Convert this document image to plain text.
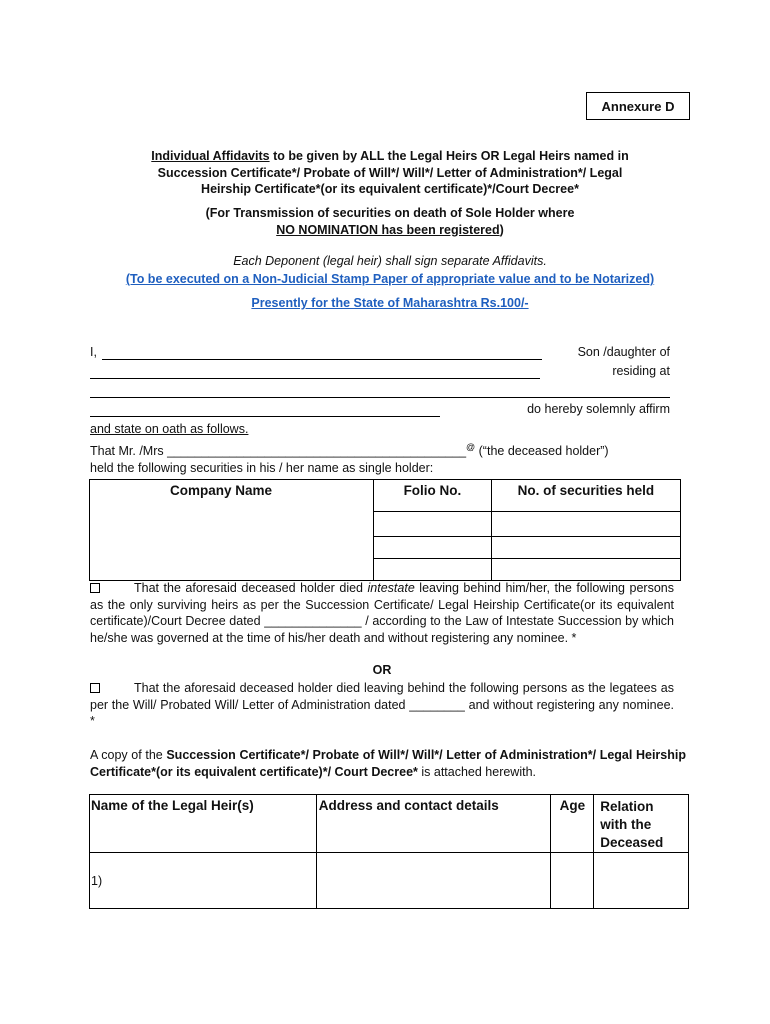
Annexure D
Individual Affidavits to be given by ALL the Legal Heirs OR Legal Heirs named in
Succession Certificate*/ Probate of Will*/ Will*/ Letter of Administration*/ Legal
Heirship Certificate*(or its equivalent certificate)*/Court Decree*
(For Transmission of securities on death of Sole Holder where
NO NOMINATION has been registered)
Each Deponent (legal heir) shall sign separate Affidavits.
(To be executed on a Non-Judicial Stamp Paper of appropriate value and to be Notarized)
Presently for the State of Maharashtra Rs.100/-
I,	Son /daughter of
residing at
do hereby solemnly affirm
and state on oath as follows.
That Mr. /Mrs ___________________________________________@ (“the deceased holder”)
held the following securities in his / her name as single holder:
Company Name	Folio No.	No. of securities held

That the aforesaid deceased holder died intestate leaving behind him/her, the following persons as the only surviving heirs as per the Succession Certificate/ Legal Heirship Certificate(or its equivalent certificate)/Court Decree dated ______________ / according to the Law of Intestate Succession by which he/she was governed at the time of his/her death and without registering any nominee. *
OR
That the aforesaid deceased holder died leaving behind the following persons as the legatees as per the Will/ Probated Will/ Letter of Administration dated ________ and without registering any nominee. *
A copy of the Succession Certificate*/ Probate of Will*/ Will*/ Letter of Administration*/ Legal Heirship Certificate*(or its equivalent certificate)*/ Court Decree* is attached herewith.
Name of the Legal Heir(s)	Address and contact details	Age	Relation with the Deceased

1)			
